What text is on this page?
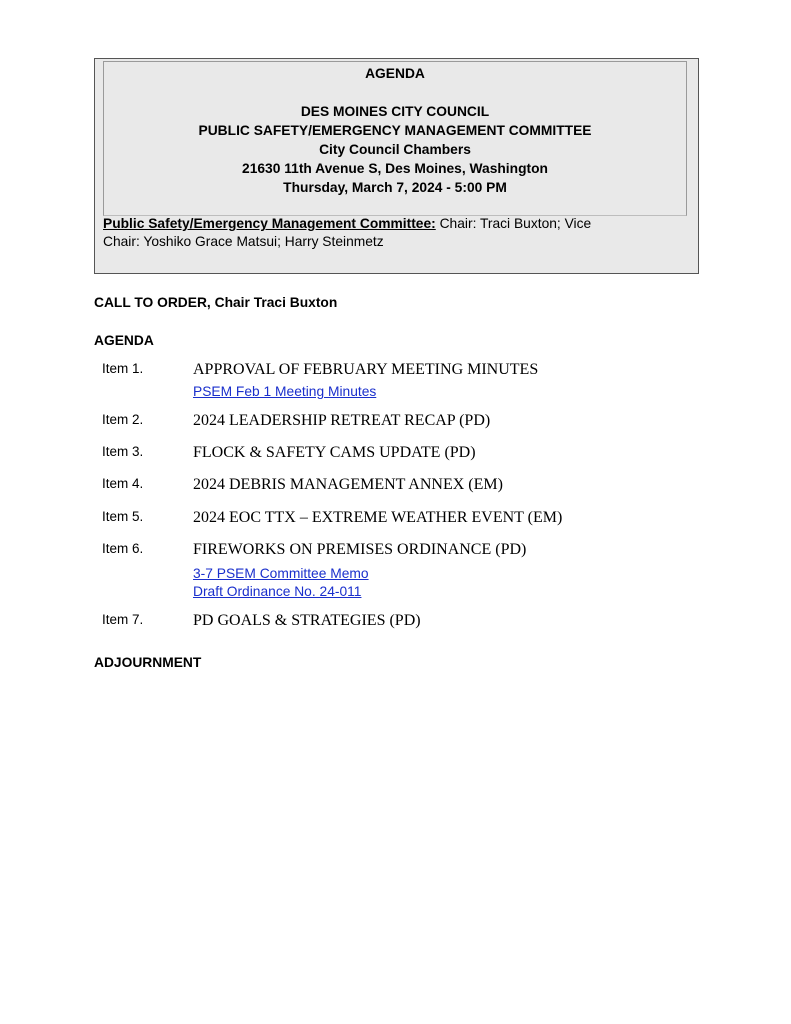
AGENDA
DES MOINES CITY COUNCIL
PUBLIC SAFETY/EMERGENCY MANAGEMENT COMMITTEE
City Council Chambers
21630 11th Avenue S, Des Moines, Washington
Thursday, March 7, 2024 - 5:00 PM
Public Safety/Emergency Management Committee: Chair: Traci Buxton; Vice
Chair: Yoshiko Grace Matsui; Harry Steinmetz
CALL TO ORDER, Chair Traci Buxton
AGENDA
Item 1.	APPROVAL OF FEBRUARY MEETING MINUTES
PSEM Feb 1 Meeting Minutes
Item 2.	2024 LEADERSHIP RETREAT RECAP (PD)
Item 3.	FLOCK & SAFETY CAMS UPDATE (PD)
Item 4.	2024 DEBRIS MANAGEMENT ANNEX (EM)
Item 5.	2024 EOC TTX – EXTREME WEATHER EVENT (EM)
Item 6.	FIREWORKS ON PREMISES ORDINANCE (PD)
3-7 PSEM Committee Memo
Draft Ordinance No. 24-011
Item 7.	PD GOALS & STRATEGIES (PD)
ADJOURNMENT
